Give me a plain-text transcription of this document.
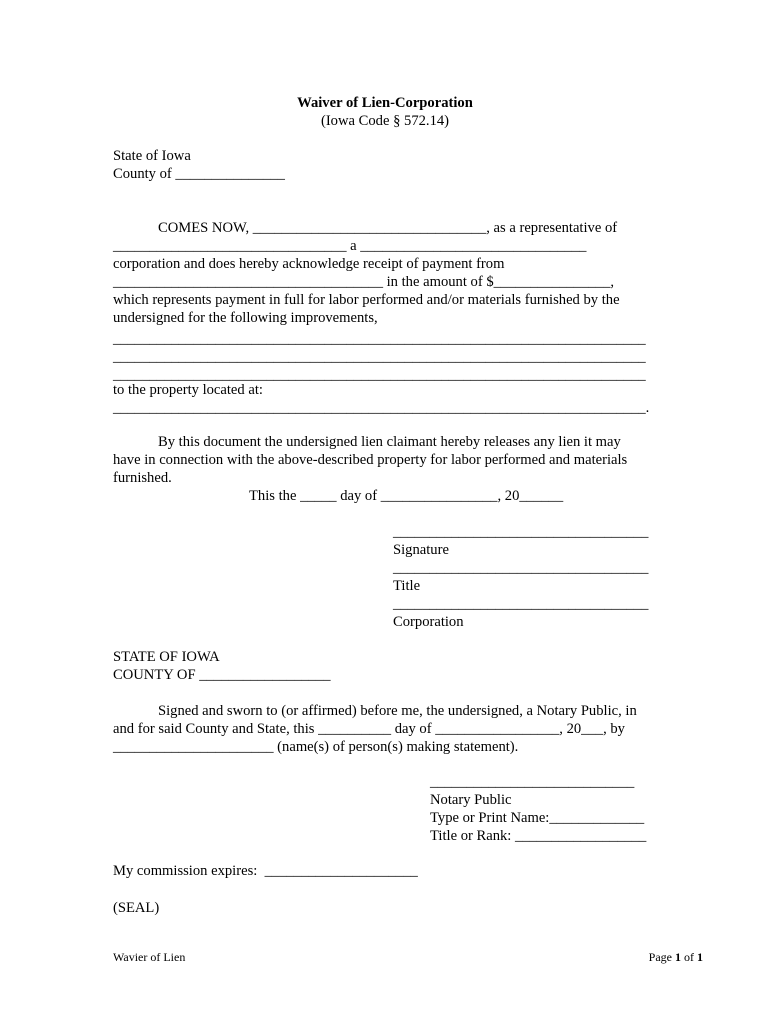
Waiver of Lien-Corporation
(Iowa Code § 572.14)
State of Iowa
County of _______________
COMES NOW, ________________________________, as a representative of
________________________________ a _______________________________
corporation and does hereby acknowledge receipt of payment from
_____________________________________ in the amount of $________________,
which represents payment in full for labor performed and/or materials furnished by the
undersigned for the following improvements,
_________________________________________________________________________
_________________________________________________________________________
_________________________________________________________________________
to the property located at:
_________________________________________________________________________.
By this document the undersigned lien claimant hereby releases any lien it may
have in connection with the above-described property for labor performed and materials
furnished.
This the _____ day of ________________, 20______
___________________________________
Signature
___________________________________
Title
___________________________________
Corporation
STATE OF IOWA
COUNTY OF __________________
Signed and sworn to (or affirmed) before me, the undersigned, a Notary Public, in
and for said County and State, this __________ day of _________________, 20___, by
______________________ (name(s) of person(s) making statement).
____________________________
Notary Public
Type or Print Name:_____________
Title or Rank: __________________
My commission expires:  _____________________
(SEAL)
Wavier of Lien	Page 1 of 1
